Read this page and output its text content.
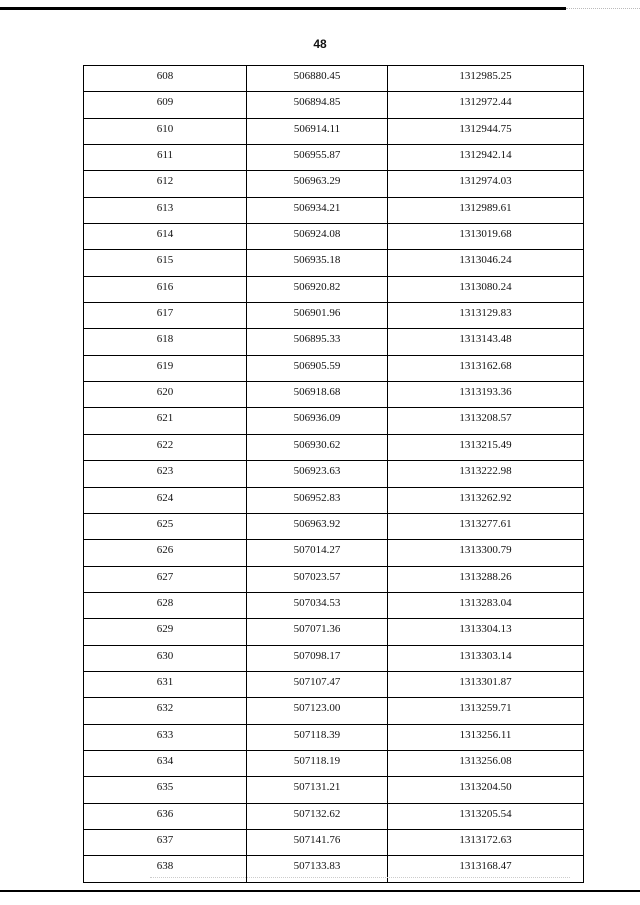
48
608	506880.45	1312985.25
609	506894.85	1312972.44
610	506914.11	1312944.75
611	506955.87	1312942.14
612	506963.29	1312974.03
613	506934.21	1312989.61
614	506924.08	1313019.68
615	506935.18	1313046.24
616	506920.82	1313080.24
617	506901.96	1313129.83
618	506895.33	1313143.48
619	506905.59	1313162.68
620	506918.68	1313193.36
621	506936.09	1313208.57
622	506930.62	1313215.49
623	506923.63	1313222.98
624	506952.83	1313262.92
625	506963.92	1313277.61
626	507014.27	1313300.79
627	507023.57	1313288.26
628	507034.53	1313283.04
629	507071.36	1313304.13
630	507098.17	1313303.14
631	507107.47	1313301.87
632	507123.00	1313259.71
633	507118.39	1313256.11
634	507118.19	1313256.08
635	507131.21	1313204.50
636	507132.62	1313205.54
637	507141.76	1313172.63
638	507133.83	1313168.47
